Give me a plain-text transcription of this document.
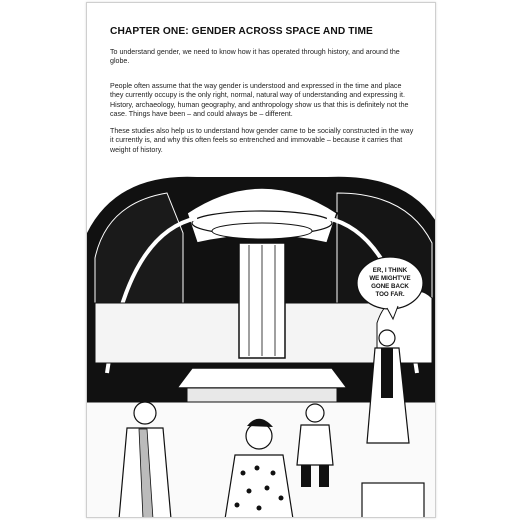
CHAPTER ONE: GENDER ACROSS SPACE AND TIME

To understand gender, we need to know how it has operated through history, and around the globe.

People often assume that the way gender is understood and expressed in the time and place they currently occupy is the only right, normal, natural way of understanding and expressing it. History, archaeology, human geography, and anthropology show us that this is definitely not the case. Things have been – and could always be – different.

These studies also help us to understand how gender came to be socially constructed in the way it currently is, and why this often feels so entrenched and immovable – because it carries that weight of history.

ER, I THINK
WE MIGHT'VE
GONE BACK
TOO FAR.
